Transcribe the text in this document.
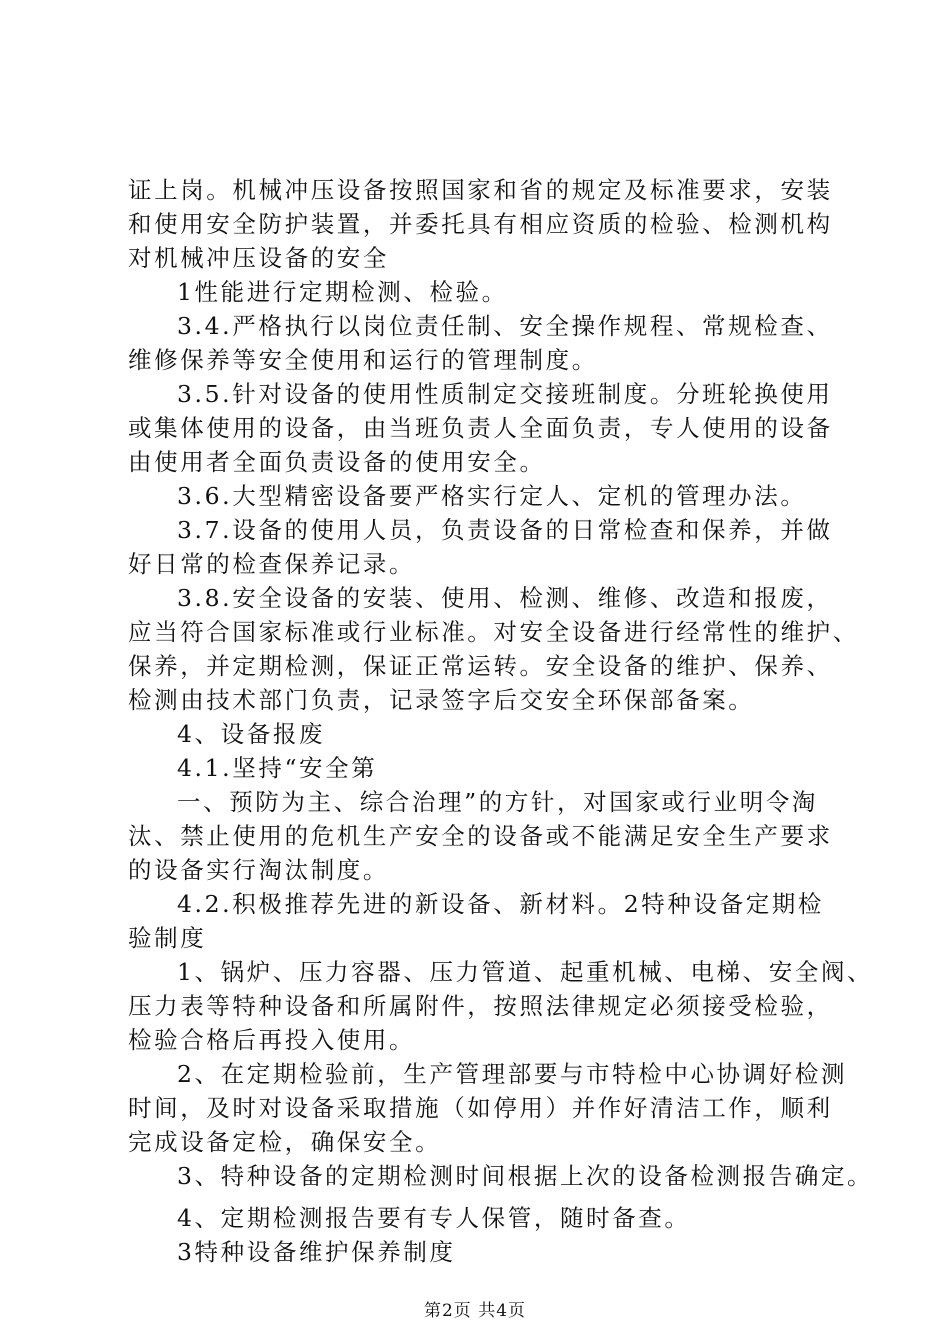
证上岗。机械冲压设备按照国家和省的规定及标准要求，安装
和使用安全防护装置，并委托具有相应资质的检验、检测机构
对机械冲压设备的安全
1性能进行定期检测、检验。
3.4.严格执行以岗位责任制、安全操作规程、常规检查、
维修保养等安全使用和运行的管理制度。
3.5.针对设备的使用性质制定交接班制度。分班轮换使用
或集体使用的设备，由当班负责人全面负责，专人使用的设备
由使用者全面负责设备的使用安全。
3.6.大型精密设备要严格实行定人、定机的管理办法。
3.7.设备的使用人员，负责设备的日常检查和保养，并做
好日常的检查保养记录。
3.8.安全设备的安装、使用、检测、维修、改造和报废，
应当符合国家标准或行业标准。对安全设备进行经常性的维护、
保养，并定期检测，保证正常运转。安全设备的维护、保养、
检测由技术部门负责，记录签字后交安全环保部备案。
4、设备报废
4.1.坚持“安全第
一、预防为主、综合治理”的方针，对国家或行业明令淘
汰、禁止使用的危机生产安全的设备或不能满足安全生产要求
的设备实行淘汰制度。
4.2.积极推荐先进的新设备、新材料。2特种设备定期检
验制度
1、锅炉、压力容器、压力管道、起重机械、电梯、安全阀、
压力表等特种设备和所属附件，按照法律规定必须接受检验，
检验合格后再投入使用。
2、在定期检验前，生产管理部要与市特检中心协调好检测
时间，及时对设备采取措施（如停用）并作好清洁工作，顺利
完成设备定检，确保安全。
3、特种设备的定期检测时间根据上次的设备检测报告确定。
4、定期检测报告要有专人保管，随时备查。
3特种设备维护保养制度
第2页 共4页
